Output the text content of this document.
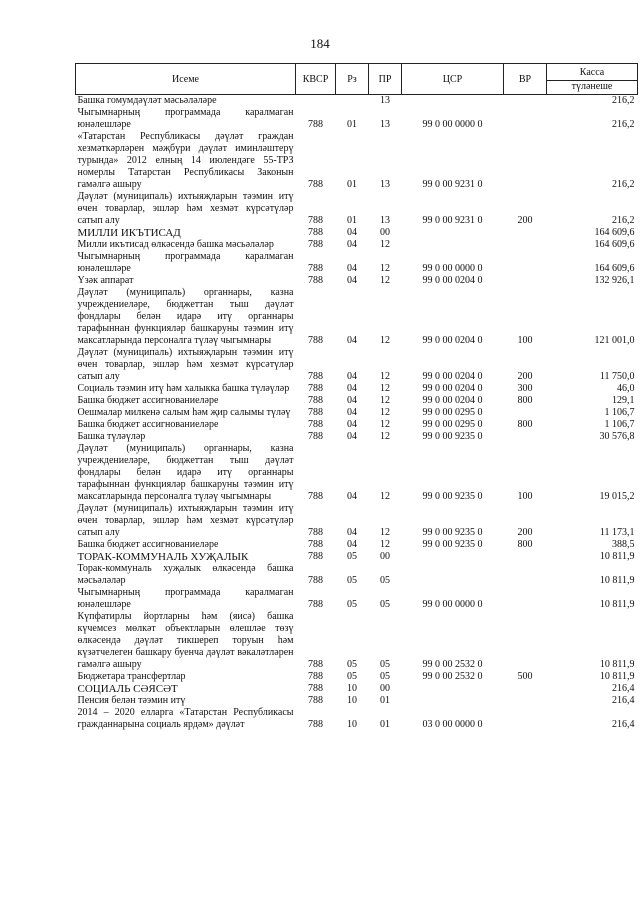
184
Исеме	КВСР	Рз	ПР	ЦСР	ВР	Касса
түләнеше

Башка гомумдәүләт мәсьәләләре			13			216,2
Чыгымнарның программада каралмаган юнәлешләре	788	01	13	99 0 00 0000 0		216,2
«Татарстан Республикасы дәүләт граждан хезмәткәрләрен мәҗбүри дәүләт иминләштерү турында» 2012 елның 14 июлендәге 55-ТРЗ номерлы Татарстан Республикасы Законын гамәлгә ашыру	788	01	13	99 0 00 9231 0		216,2
Дәүләт (муниципаль) ихтыяҗларын тәэмин итү өчен товарлар, эшләр һәм хезмәт күрсәтүләр сатып алу	788	01	13	99 0 00 9231 0	200	216,2
МИЛЛИ ИКЪТИСАД	788	04	00			164 609,6
Милли икътисад өлкәсендә башка мәсьәләләр	788	04	12			164 609,6
Чыгымнарның программада каралмаган юнәлешләре	788	04	12	99 0 00 0000 0		164 609,6
Үзәк аппарат	788	04	12	99 0 00 0204 0		132 926,1
Дәүләт (муниципаль) органнары, казна учреждениеләре, бюджеттан тыш дәүләт фондлары белән идарә итү органнары тарафыннан функцияләр башкаруны тәэмин итү максатларында персоналга түләү чыгымнары	788	04	12	99 0 00 0204 0	100	121 001,0
Дәүләт (муниципаль) ихтыяҗларын тәэмин итү өчен товарлар, эшләр һәм хезмәт күрсәтүләр сатып алу	788	04	12	99 0 00 0204 0	200	11 750,0
Социаль тәэмин итү һәм халыкка башка түләүләр	788	04	12	99 0 00 0204 0	300	46,0
Башка бюджет ассигнованиеләре	788	04	12	99 0 00 0204 0	800	129,1
Оешмалар милкенә салым һәм җир салымы түләү	788	04	12	99 0 00 0295 0		1 106,7
Башка бюджет ассигнованиеләре	788	04	12	99 0 00 0295 0	800	1 106,7
Башка түләүләр	788	04	12	99 0 00 9235 0		30 576,8
Дәүләт (муниципаль) органнары, казна учреждениеләре, бюджеттан тыш дәүләт фондлары белән идарә итү органнары тарафыннан функцияләр башкаруны тәэмин итү максатларында персоналга түләү чыгымнары	788	04	12	99 0 00 9235 0	100	19 015,2
Дәүләт (муниципаль) ихтыяҗларын тәэмин итү өчен товарлар, эшләр һәм хезмәт күрсәтүләр сатып алу	788	04	12	99 0 00 9235 0	200	11 173,1
Башка бюджет ассигнованиеләре	788	04	12	99 0 00 9235 0	800	388,5
ТОРАК-КОММУНАЛЬ ХУҖАЛЫК	788	05	00			10 811,9
Торак-коммуналь хуҗалык өлкәсендә башка мәсьәләләр	788	05	05			10 811,9
Чыгымнарның программада каралмаган юнәлешләре	788	05	05	99 0 00 0000 0		10 811,9
Күпфатирлы йортларны һәм (яисә) башка күчемсез мөлкәт объектларын өлешләе төзү өлкәсендә дәүләт тикшереп торуын һәм күзәтчелеген башкару буенча дәүләт вәкаләтләрен гамәлгә ашыру	788	05	05	99 0 00 2532 0		10 811,9
Бюджетара трансфертлар	788	05	05	99 0 00 2532 0	500	10 811,9
СОЦИАЛЬ СӘЯСӘТ	788	10	00			216,4
Пенсия белән тәэмин итү	788	10	01			216,4
2014 – 2020 елларга «Татарстан Республикасы гражданнарына социаль ярдәм» дәүләт	788	10	01	03 0 00 0000 0		216,4
